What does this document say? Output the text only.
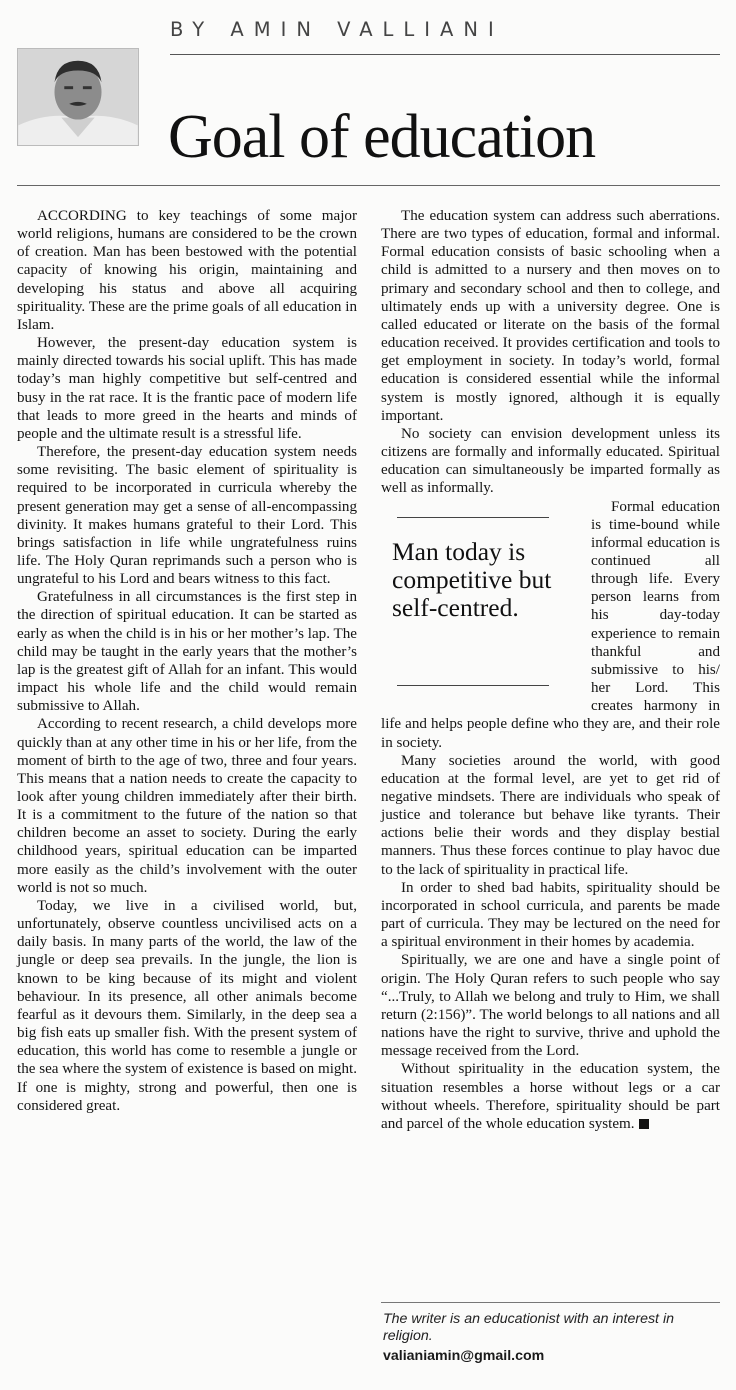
BY AMIN VALLIANI
Goal of education

ACCORDING to key teachings of some major world religions, humans are considered to be the crown of creation. Man has been bestowed with the potential capacity of knowing his origin, maintaining and developing his status and above all acquiring spirituality. These are the prime goals of all education in Islam.

However, the present-day education system is mainly directed towards his social uplift. This has made today’s man highly competitive but self-centred and busy in the rat race. It is the frantic pace of modern life that leads to more greed in the hearts and minds of people and the ultimate result is a stressful life.

Therefore, the present-day education system needs some revisiting. The basic element of spirituality is required to be incorporated in curricula whereby the present generation may get a sense of all-encompassing divinity. It makes humans grateful to their Lord. This brings satisfaction in life while ungratefulness ruins life. The Holy Quran reprimands such a person who is ungrateful to his Lord and bears witness to this fact.

Gratefulness in all circumstances is the first step in the direction of spiritual education. It can be started as early as when the child is in his or her mother’s lap. The child may be taught in the early years that the mother’s lap is the greatest gift of Allah for an infant. This would impact his whole life and the child would remain submissive to Allah.

According to recent research, a child develops more quickly than at any other time in his or her life, from the moment of birth to the age of two, three and four years. This means that a nation needs to create the capacity to look after young children immediately after their birth. It is a commitment to the future of the nation so that children become an asset to society. During the early childhood years, spiritual education can be imparted more easily as the child’s involvement with the outer world is not so much.

Today, we live in a civilised world, but, unfortunately, observe countless uncivilised acts on a daily basis. In many parts of the world, the law of the jungle or deep sea prevails. In the jungle, the lion is known to be king because of its might and violent behaviour. In its presence, all other animals become fearful as it devours them. Similarly, in the deep sea a big fish eats up smaller fish. With the present system of education, this world has come to resemble a jungle or the sea where the system of existence is based on might. If one is mighty, strong and powerful, then one is considered great.

The education system can address such aberrations. There are two types of education, formal and informal. Formal education consists of basic schooling when a child is admitted to a nursery and then moves on to primary and secondary school and then to college, and ultimately ends up with a university degree. One is called educated or literate on the basis of the formal education received. It provides certification and tools to get employment in society. In today’s world, formal education is considered essential while the informal system is mostly ignored, although it is equally important.

No society can envision development unless its citizens are formally and informally educated. Spiritual education can simultaneously be imparted formally as well as informally.

Man today is competitive but self-centred.

Formal education is time-bound while informal education is continued all through life. Every person learns from his day-today experience to remain thankful and submissive to his/ her Lord. This creates harmony in life and helps people define who they are, and their role in society.

Many societies around the world, with good education at the formal level, are yet to get rid of negative mindsets. There are individuals who speak of justice and tolerance but behave like tyrants. Their actions belie their words and they display bestial manners. Thus these forces continue to play havoc due to the lack of spirituality in practical life.

In order to shed bad habits, spirituality should be incorporated in school curricula, and parents be made part of curricula. They may be lectured on the need for a spiritual environment in their homes by academia.

Spiritually, we are one and have a single point of origin. The Holy Quran refers to such people who say “...Truly, to Allah we belong and truly to Him, we shall return (2:156)”. The world belongs to all nations and all nations have the right to survive, thrive and uphold the message received from the Lord.

Without spirituality in the education system, the situation resembles a horse without legs or a car without wheels. Therefore, spirituality should be part and parcel of the whole education system.

The writer is an educationist with an interest in religion.
valianiamin@gmail.com
